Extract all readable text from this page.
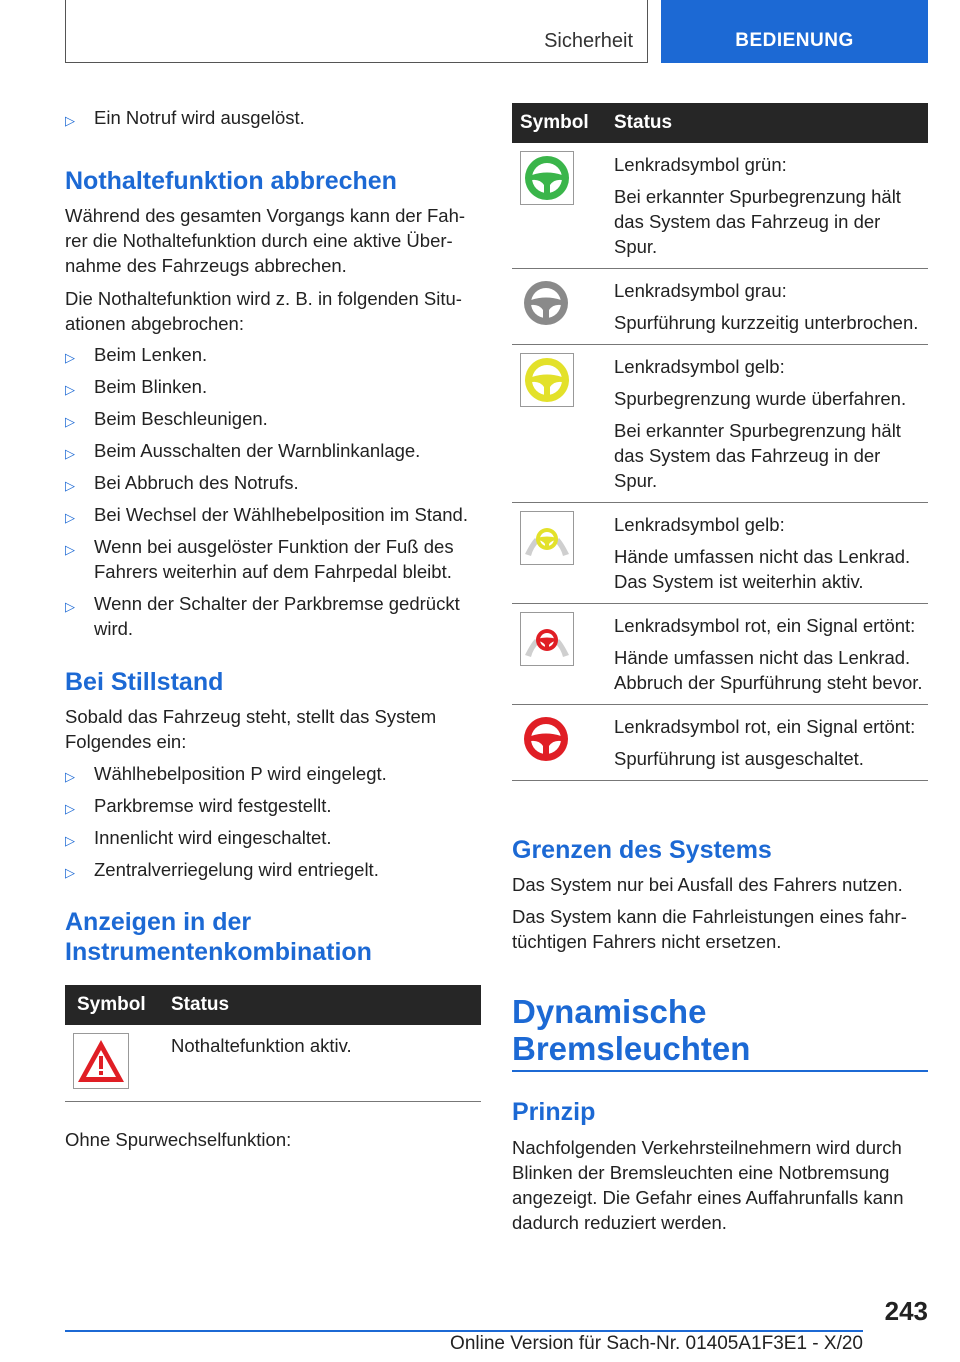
Sicherheit	BEDIENUNG
▷ Ein Notruf wird ausgelöst.
Nothaltefunktion abbrechen

Während des gesamten Vorgangs kann der Fahrer die Nothaltefunktion durch eine aktive Übernahme des Fahrzeugs abbrechen.

Die Nothaltefunktion wird z. B. in folgenden Situationen abgebrochen:

▷ Beim Lenken.
▷ Beim Blinken.
▷ Beim Beschleunigen.
▷ Beim Ausschalten der Warnblinkanlage.
▷ Bei Abbruch des Notrufs.
▷ Bei Wechsel der Wählhebelposition im Stand.
▷ Wenn bei ausgelöster Funktion der Fuß des Fahrers weiterhin auf dem Fahrpedal bleibt.
▷ Wenn der Schalter der Parkbremse gedrückt wird.
Bei Stillstand

Sobald das Fahrzeug steht, stellt das System Folgendes ein:

▷ Wählhebelposition P wird eingelegt.
▷ Parkbremse wird festgestellt.
▷ Innenlicht wird eingeschaltet.
▷ Zentralverriegelung wird entriegelt.
Anzeigen in der
Instrumentenkombination
Symbol	Status

	Nothaltefunktion aktiv.

Ohne Spurwechselfunktion:

Symbol	Status

Lenkradsymbol grün:
Bei erkannter Spurbegrenzung hält das System das Fahrzeug in der Spur.

Lenkradsymbol grau:
Spurführung kurzzeitig unterbrochen.

Lenkradsymbol gelb:
Spurbegrenzung wurde überfahren.
Bei erkannter Spurbegrenzung hält das System das Fahrzeug in der Spur.

Lenkradsymbol gelb:
Hände umfassen nicht das Lenkrad. Das System ist weiterhin aktiv.

Lenkradsymbol rot, ein Signal ertönt:
Hände umfassen nicht das Lenkrad. Abbruch der Spurführung steht bevor.

Lenkradsymbol rot, ein Signal ertönt:
Spurführung ist ausgeschaltet.
Grenzen des Systems

Das System nur bei Ausfall des Fahrers nutzen.

Das System kann die Fahrleistungen eines fahrtüchtigen Fahrers nicht ersetzen.

Dynamische
Bremsleuchten
Prinzip

Nachfolgenden Verkehrsteilnehmern wird durch Blinken der Bremsleuchten eine Notbremsung angezeigt. Die Gefahr eines Auffahrunfalls kann dadurch reduziert werden.

243
Online Version für Sach-Nr. 01405A1F3E1 - X/20
